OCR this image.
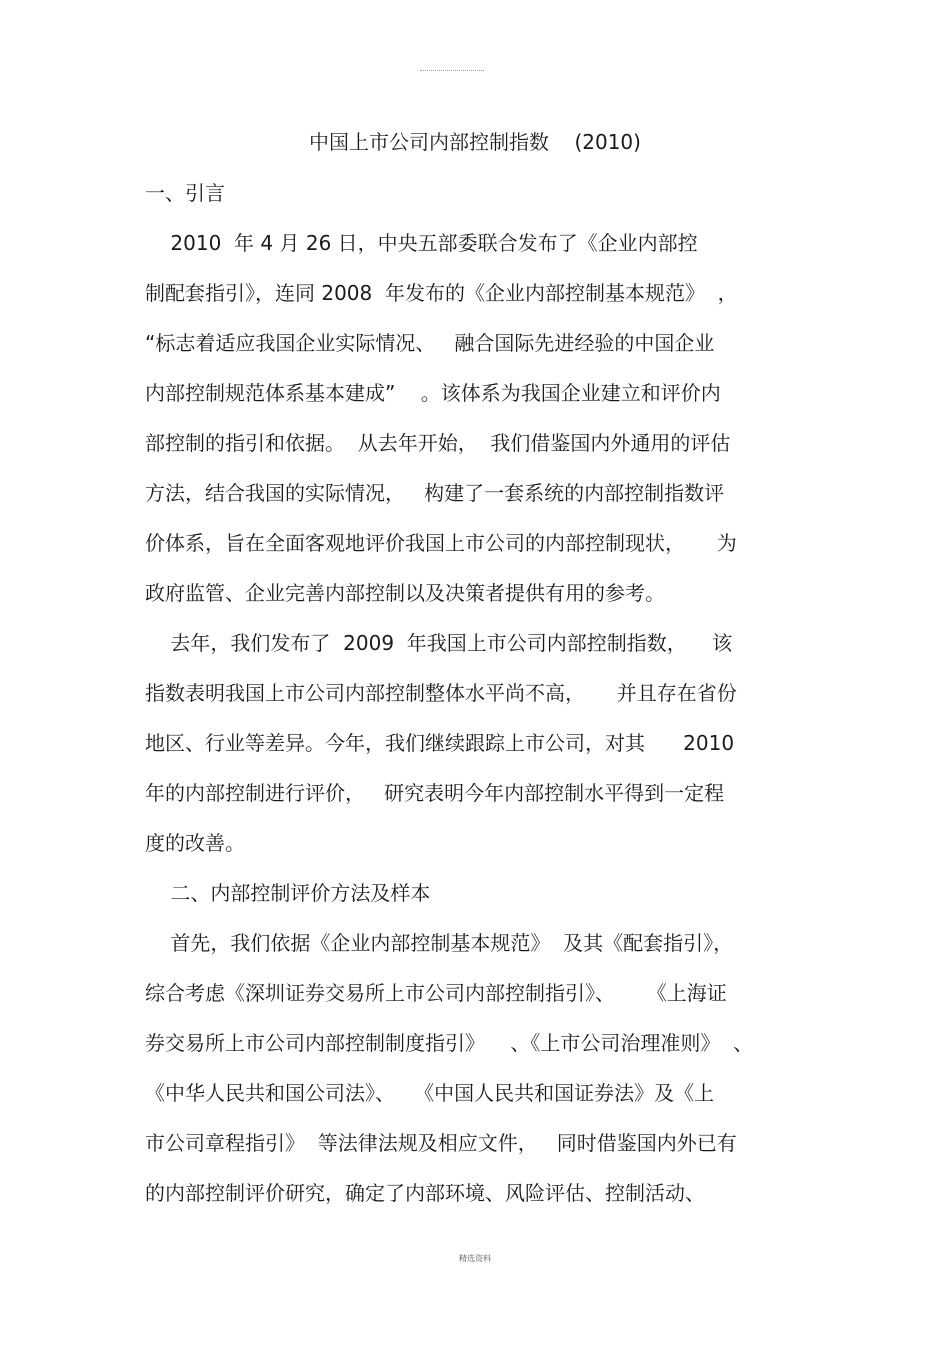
中国上市公司内部控制指数    (2010)
一、引言
2010  年 4 月 26 日，中央五部委联合发布了《企业内部控
制配套指引》，连同 2008  年发布的《企业内部控制基本规范》  ，
“标志着适应我国企业实际情况、   融合国际先进经验的中国企业
内部控制规范体系基本建成”    。该体系为我国企业建立和评价内
部控制的指引和依据。  从去年开始，  我们借鉴国内外通用的评估
方法，结合我国的实际情况，   构建了一套系统的内部控制指数评
价体系，旨在全面客观地评价我国上市公司的内部控制现状，     为
政府监管、企业完善内部控制以及决策者提供有用的参考。
去年，我们发布了  2009  年我国上市公司内部控制指数，    该
指数表明我国上市公司内部控制整体水平尚不高，     并且存在省份
地区、行业等差异。今年，我们继续跟踪上市公司，对其      2010
年的内部控制进行评价，   研究表明今年内部控制水平得到一定程
度的改善。
二、内部控制评价方法及样本
首先，我们依据《企业内部控制基本规范》  及其《配套指引》，
综合考虑《深圳证券交易所上市公司内部控制指引》、     《上海证
券交易所上市公司内部控制制度指引》    、《上市公司治理准则》  、
《中华人民共和国公司法》、   《中国人民共和国证券法》及《上
市公司章程指引》  等法律法规及相应文件，   同时借鉴国内外已有
的内部控制评价研究，确定了内部环境、风险评估、控制活动、
精选资料
